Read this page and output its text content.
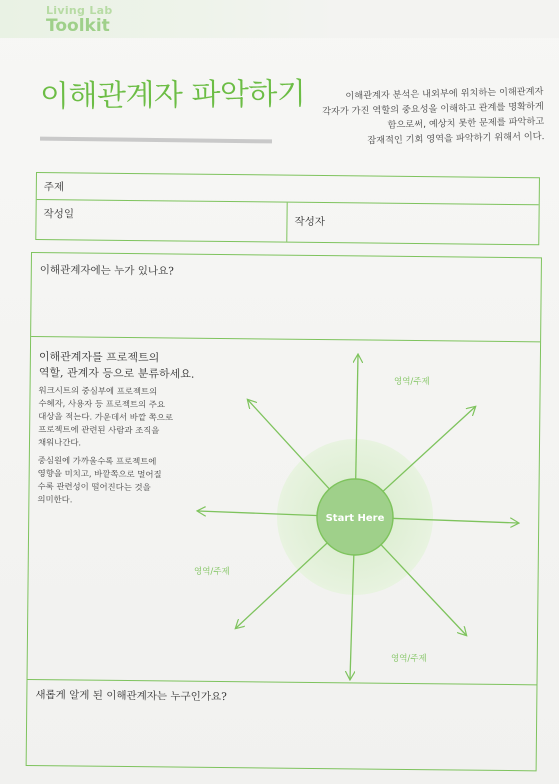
Living Lab
Toolkit
이해관계자 파악하기	이해관계자 분석은 내외부에 위치하는 이해관계자
각자가 가진 역할의 중요성을 이해하고 관계를 명확하게
함으로써, 예상치 못한 문제를 파악하고
잠재적인 기회 영역을 파악하기 위해서 이다.
주제
작성일
작성자
이해관계자에는 누가 있나요?
이해관계자를 프로젝트의
역할, 관계자 등으로 분류하세요.
워크시트의 중심부에 프로젝트의
수혜자, 사용자 등 프로젝트의 주요
대상을 적는다. 가운데서 바깥 쪽으로
프로젝트에 관련된 사람과 조직을
채워나간다.
중심원에 가까울수록 프로젝트에
영향을 미치고, 바깥쪽으로 멀어질
수록 관련성이 떨어진다는 것을
의미한다.
새롭게 알게 된 이해관계자는 누구인가요?
Start Here
영역/주제
영역/주제
영역/주제
